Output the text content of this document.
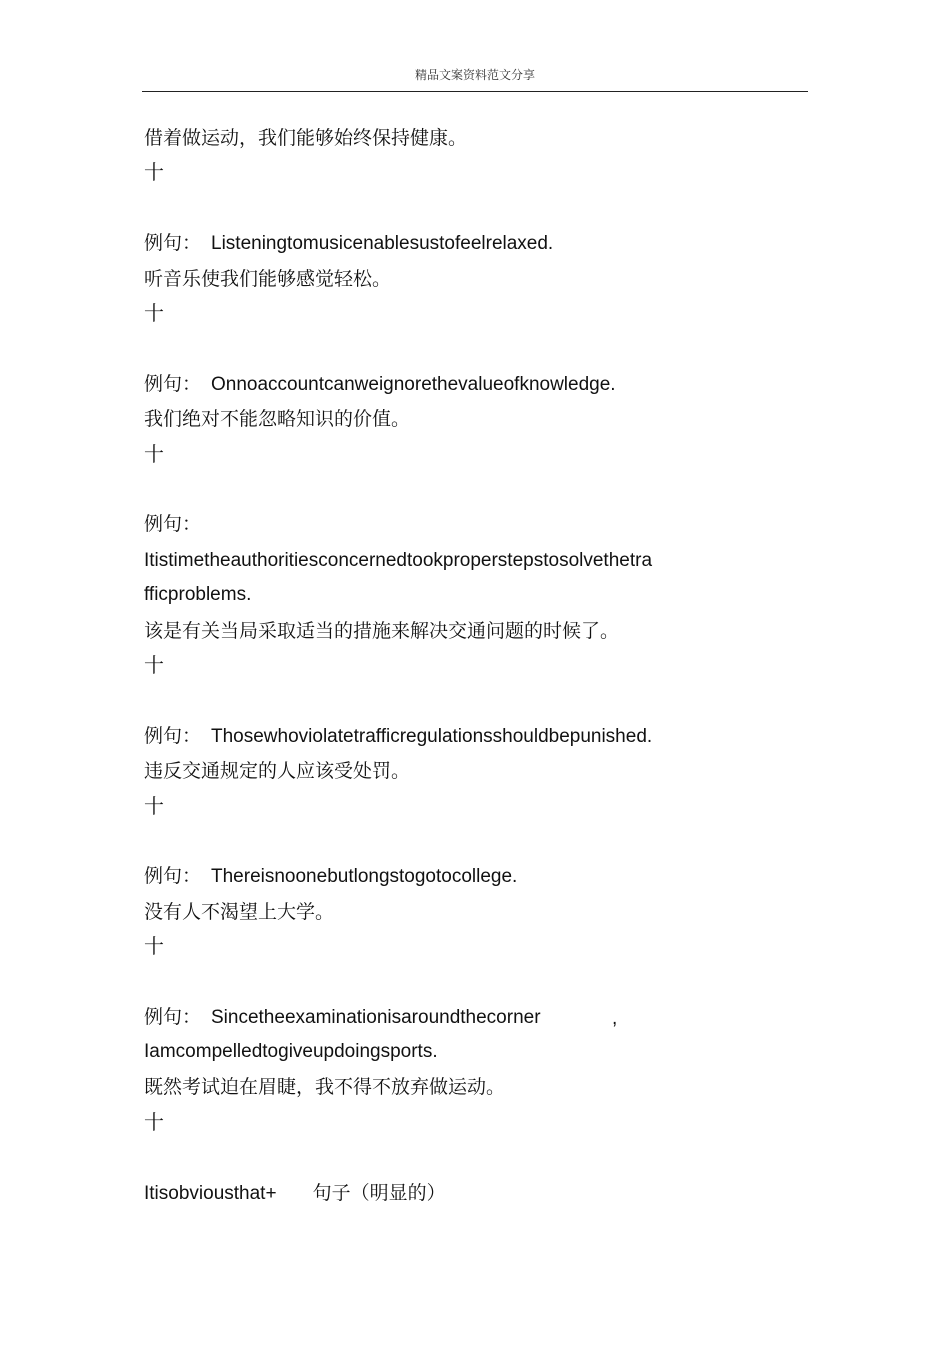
精品文案资料范文分享
借着做运动，我们能够始终保持健康。
十
例句： Listeningtomusicenablesustofeelrelaxed.
听音乐使我们能够感觉轻松。
十
例句： Onnoaccountcanweignorethevalueofknowledge.
我们绝对不能忽略知识的价值。
十
例句：
Itistimetheauthoritiesconcernedtookproperstepstosolvethetra
fficproblems.
该是有关当局采取适当的措施来解决交通问题的时候了。
十
例句： Thosewhoviolatetrafficregulationsshouldbepunished.
违反交通规定的人应该受处罚。
十
例句： Thereisnoonebutlongstogotocollege.
没有人不渴望上大学。
十
例句： Sincetheexaminationisaroundthecorner	,
Iamcompelledtogiveupdoingsports.
既然考试迫在眉睫，我不得不放弃做运动。
十
Itisobviousthat+ 句子（明显的）
